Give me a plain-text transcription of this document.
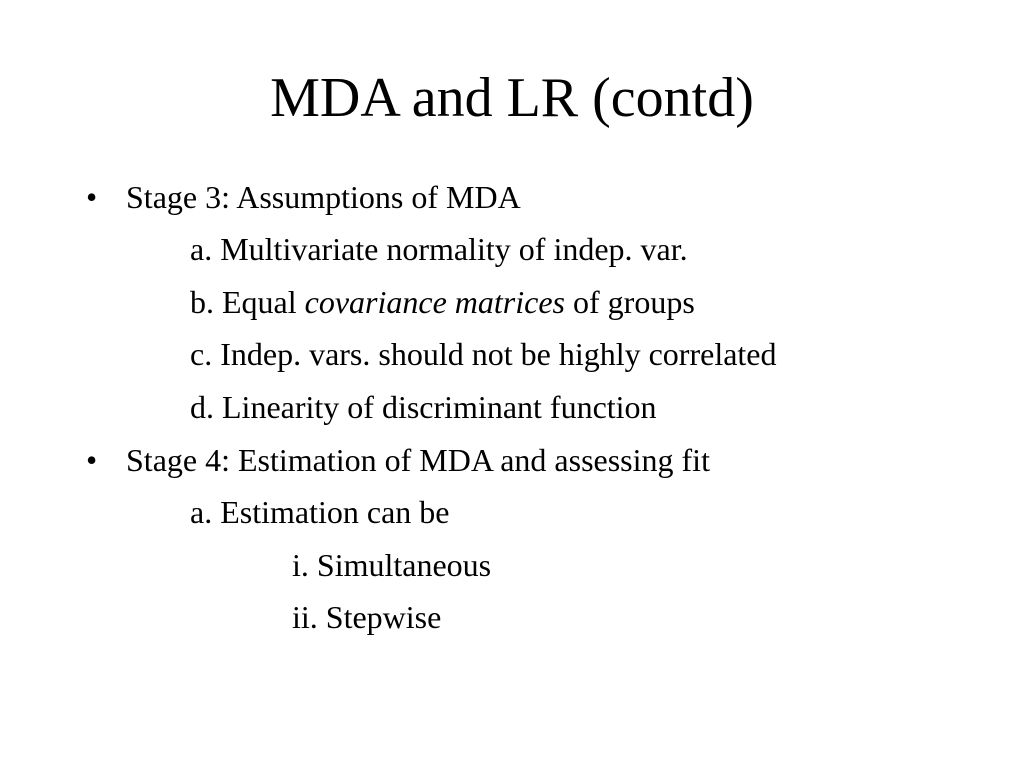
MDA and LR (contd)
• Stage 3: Assumptions of MDA
a. Multivariate normality of indep. var.
b. Equal covariance matrices of groups
c. Indep. vars. should not be highly correlated
d. Linearity of discriminant function
• Stage 4: Estimation of MDA and assessing fit
a. Estimation can be
i. Simultaneous
ii. Stepwise
